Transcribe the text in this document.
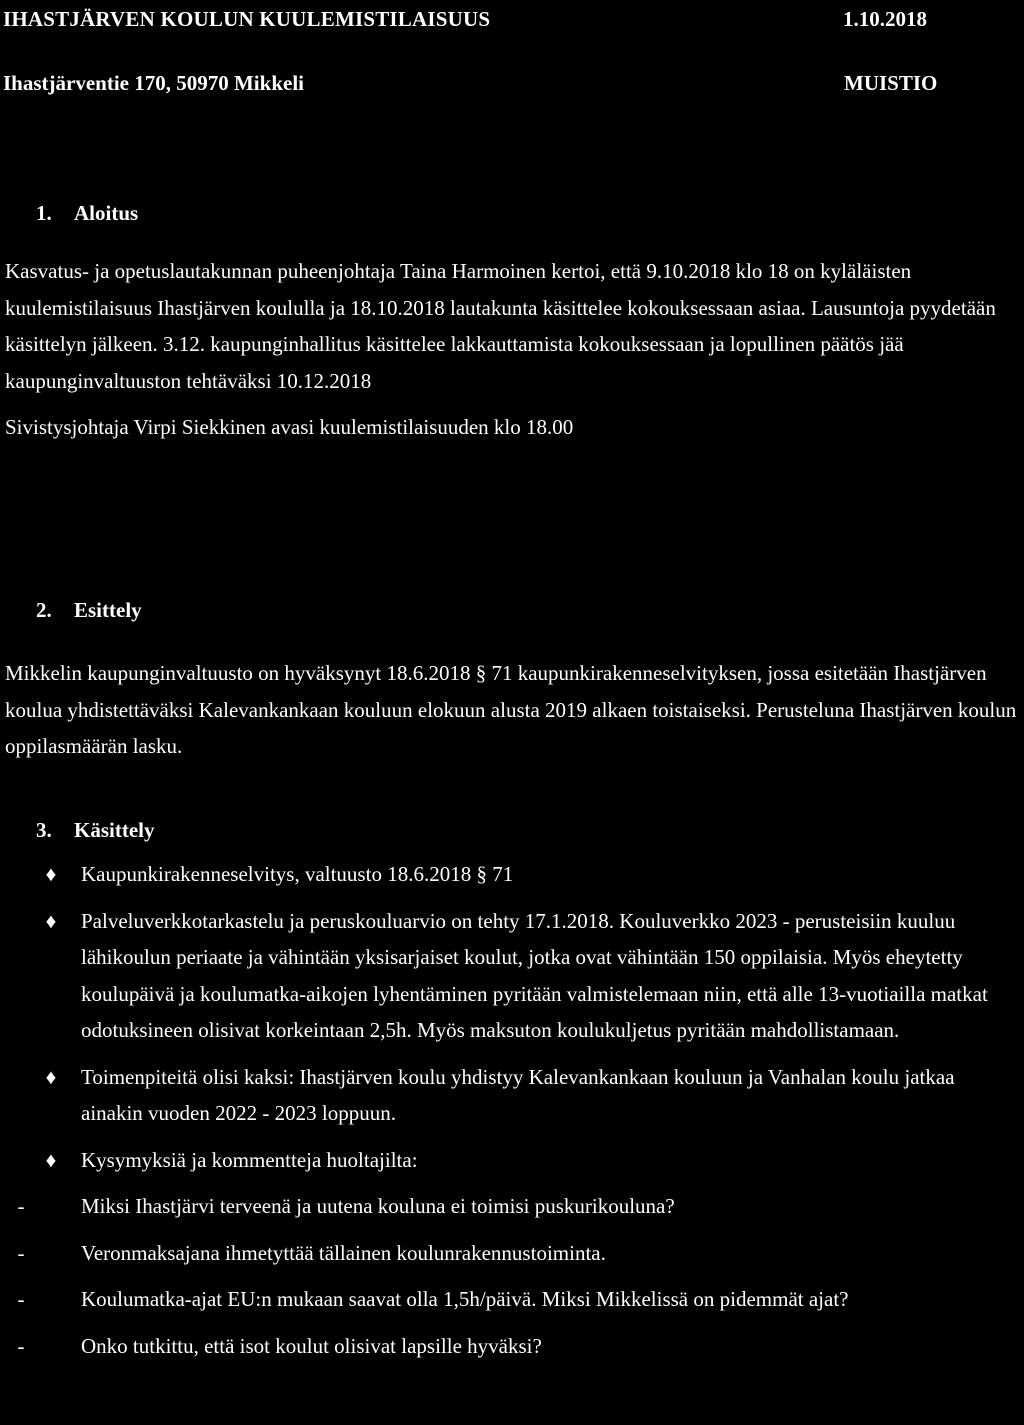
IHASTJÄRVEN KOULUN KUULEMISTILAISUUS	1.10.2018
Ihastjärventie 170, 50970 Mikkeli	MUISTIO
1. Aloitus

Kasvatus- ja opetuslautakunnan puheenjohtaja Taina Harmoinen kertoi, että 9.10.2018 klo 18 on kyläläisten kuulemistilaisuus Ihastjärven koululla ja 18.10.2018 lautakunta käsittelee kokouksessaan asiaa. Lausuntoja pyydetään käsittelyn jälkeen. 3.12. kaupunginhallitus käsittelee lakkauttamista kokouksessaan ja lopullinen päätös jää kaupunginvaltuuston tehtäväksi 10.12.2018

Sivistysjohtaja Virpi Siekkinen avasi kuulemistilaisuuden klo 18.00

2. Esittely

Mikkelin kaupunginvaltuusto on hyväksynyt 18.6.2018 § 71 kaupunkirakenneselvityksen, jossa esitetään Ihastjärven koulua yhdistettäväksi Kalevankankaan kouluun elokuun alusta 2019 alkaen toistaiseksi. Perusteluna Ihastjärven koulun oppilasmäärän lasku.

3. Käsittely
♦ Kaupunkirakenneselvitys, valtuusto 18.6.2018 § 71
♦ Palveluverkkotarkastelu ja peruskouluarvio on tehty 17.1.2018. Kouluverkko 2023 - perusteisiin kuuluu lähikoulun periaate ja vähintään yksisarjaiset koulut, jotka ovat vähintään 150 oppilaisia. Myös eheytetty koulupäivä ja koulumatka-aikojen lyhentäminen pyritään valmistelemaan niin, että alle 13-vuotiailla matkat odotuksineen olisivat korkeintaan 2,5h. Myös maksuton koulukuljetus pyritään mahdollistamaan.
♦ Toimenpiteitä olisi kaksi: Ihastjärven koulu yhdistyy Kalevankankaan kouluun ja Vanhalan koulu jatkaa ainakin vuoden 2022 - 2023 loppuun.
♦ Kysymyksiä ja kommentteja huoltajilta:
-	Miksi Ihastjärvi terveenä ja uutena kouluna ei toimisi puskurikouluna?
-	Veronmaksajana ihmetyttää tällainen koulunrakennustoiminta.
-	Koulumatka-ajat EU:n mukaan saavat olla 1,5h/päivä. Miksi Mikkelissä on pidemmät ajat?
-	Onko tutkittu, että isot koulut olisivat lapsille hyväksi?
